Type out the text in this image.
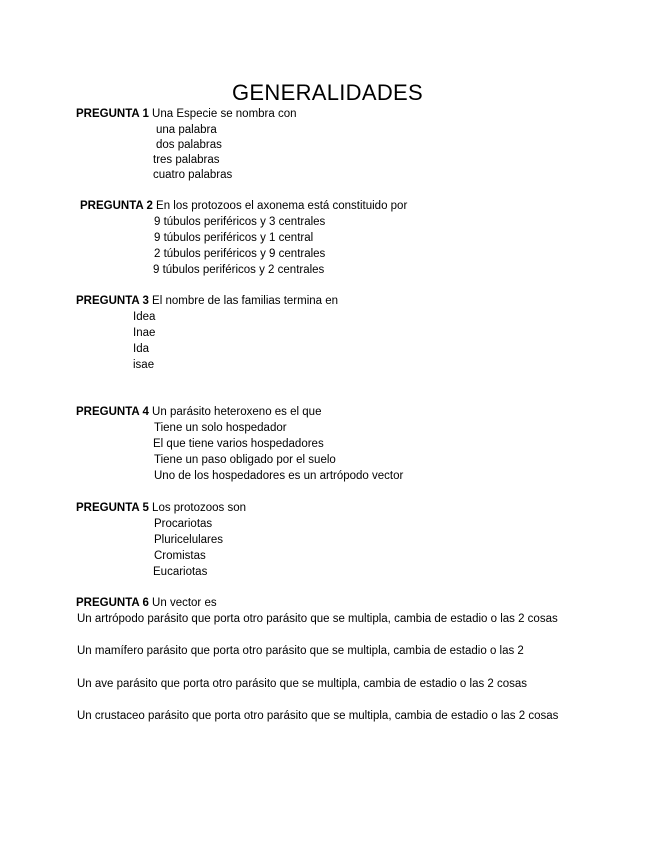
GENERALIDADES
PREGUNTA 1 Una Especie se nombra con
una palabra
dos palabras
tres palabras
cuatro palabras
PREGUNTA 2 En los protozoos el axonema está constituido por
9 túbulos periféricos y 3 centrales
9 túbulos periféricos y 1 central
2 túbulos periféricos y 9 centrales
9 túbulos periféricos y 2 centrales
PREGUNTA 3 El nombre de las familias termina en
Idea
Inae
Ida
isae
PREGUNTA 4 Un parásito heteroxeno es el que
Tiene un solo hospedador
El que tiene varios hospedadores
Tiene un paso obligado por el suelo
Uno de los hospedadores es un artrópodo vector
PREGUNTA 5 Los protozoos son
Procariotas
Pluricelulares
Cromistas
Eucariotas
PREGUNTA 6 Un vector es
Un artrópodo parásito que porta otro parásito que se multipla, cambia de estadio o las 2 cosas
Un mamífero parásito que porta otro parásito que se multipla, cambia de estadio o las 2
Un ave parásito que porta otro parásito que se multipla, cambia de estadio o las 2 cosas
Un crustaceo parásito que porta otro parásito que se multipla, cambia de estadio o las 2 cosas
